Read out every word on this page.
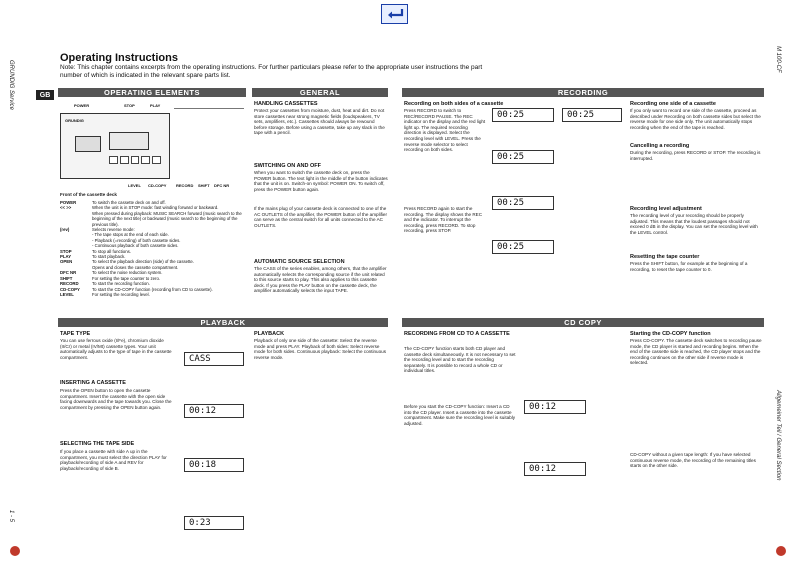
GRUNDIG Service
1 - 5
M 100-CF
Allgemeiner Teil / General Section
Operating Instructions
Note: This chapter contains excerpts from the operating instructions. For further particulars please refer to the appropriate user instructions the part number of which is indicated in the relevant spare parts list.
GB	OPERATING ELEMENTS	GENERAL	RECORDING
PLAYBACK	CD COPY
POWER	STOP	PLAY
GRUNDIG
LEVEL CD-COPY RECORD SHIFT DFC NR
Front of the cassette deck
POWER	To switch the cassette deck on and off.
<< >>	When the unit is in STOP mode: fast winding forward or backward.
When pressed during playback: MUSIC SEARCH forward (music search to the beginning of the next title) or backward (music search to the beginning of the previous title).
(rev)	Selects reverse mode:
- The tape stops at the end of each side.
- Playback (=recording) of both cassette sides.
- Continuous playback of both cassette sides.
STOP	To stop all functions.
PLAY	To start playback.
OPEN	To select the playback direction (side) of the cassette.
Opens and closes the cassette compartment.
DFC NR	To select the noise reduction system.
SHIFT	For setting the tape counter to zero.
RECORD	To start the recording function.
CD-COPY	To start the CD-COPY function (recording from CD to cassette).
LEVEL	For setting the recording level.
HANDLING CASSETTES
Protect your cassettes from moisture, dust, heat and dirt. Do not store cassettes near strong magnetic fields (loudspeakers, TV sets, amplifiers, etc.). Cassettes should always be rewound before storage. Before using a cassette, take up any slack in the tape with a pencil.
SWITCHING ON AND OFF
When you want to switch the cassette deck on, press the POWER button. The text light in the middle of the button indicates that the unit is on. Switch-on symbol: POWER ON. To switch off, press the POWER button again.
If the mains plug of your cassette deck is connected to one of the AC OUTLETS of the amplifier, the POWER button of the amplifier can serve as the central switch for all units connected to the AC OUTLETS.
AUTOMATIC SOURCE SELECTION
The CASS of the series enables, among others, that the amplifier automatically selects the corresponding source if the unit related to this source starts to play. This also applies to this cassette deck. If you press the PLAY button on the cassette deck, the amplifier automatically selects the input TAPE.
Recording on both sides of a cassette
Press RECORD to switch to REC/RECORD PAUSE. The REC indicator on the display and the red light light up. The required recording direction is displayed. Select the recording level with LEVEL. Press the reverse mode selector to select recording on both sides.
Press RECORD again to start the recording. The display shows the REC and the indicator. To interrupt the recording, press RECORD. To stop recording, press STOP.
00:25
00:25
00:25
00:25
00:25
Recording one side of a cassette
If you only want to record one side of the cassette, proceed as described under Recording on both cassette sides but select the reverse mode for one side only. The unit automatically stops recording when the end of the tape is reached.
Cancelling a recording
During the recording, press RECORD or STOP. The recording is interrupted.
Recording level adjustment
The recording level of your recording should be properly adjusted. This means that the loudest passages should not exceed 0 dB in the display. You can set the recording level with the LEVEL control.
Resetting the tape counter
Press the SHIFT button, for example at the beginning of a recording, to reset the tape counter to 0.
TAPE TYPE
You can use ferrous oxide (I/Fe), chromium dioxide (II/Cr) or metal (IV/Mt) cassette types. Your unit automatically adjusts to the type of tape in the cassette compartment.	CASS
INSERTING A CASSETTE
Press the OPEN button to open the cassette compartment. Insert the cassette with the open side facing downwards and the tape towards you. Close the compartment by pressing the OPEN button again.
SELECTING THE TAPE SIDE
If you place a cassette with side A up in the compartment, you must select the direction PLAY for playback/recording of side A and REV for playback/recording of side B.
00:12
00:18
0:23
PLAYBACK
Playback of only one side of the cassette: Select the reverse mode and press PLAY. Playback of both sides: Select reverse mode for both sides. Continuous playback: Select the continuous reverse mode.
RECORDING FROM CD TO A CASSETTE
The CD-COPY function starts both CD player and cassette deck simultaneously. It is not necessary to set the recording level and to start the recording separately. It is possible to record a whole CD or individual titles.
Before you start the CD-COPY function: Insert a CD into the CD player. Insert a cassette into the cassette compartment. Make sure the recording level is suitably adjusted.
00:12
00:12
Starting the CD-COPY function
Press CD-COPY. The cassette deck switches to recording pause mode, the CD player is started and recording begins. When the end of the cassette side is reached, the CD player stops and the recording continues on the other side if reverse mode is selected.
CD-COPY without a given tape length: If you have selected continuous reverse mode, the recording of the remaining titles starts on the other side.
